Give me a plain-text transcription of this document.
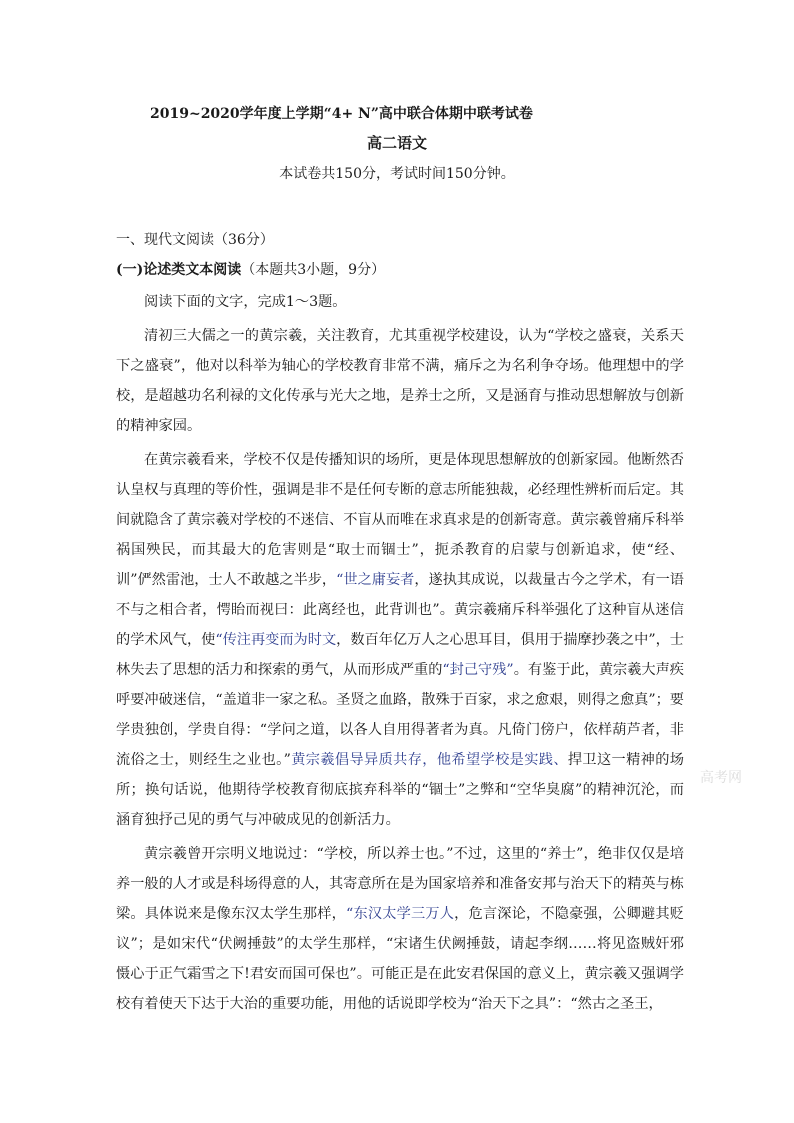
2019~2020学年度上学期“4+ N”高中联合体期中联考试卷
高二语文
本试卷共150分，考试时间150分钟。
一、现代文阅读（36分）
(一)论述类文本阅读（本题共3小题，9分）

阅读下面的文字，完成1～3题。

清初三大儒之一的黄宗羲，关注教育，尤其重视学校建设，认为“学校之盛衰，关系天下之盛衰”，他对以科举为轴心的学校教育非常不满，痛斥之为名利争夺场。他理想中的学校，是超越功名利禄的文化传承与光大之地，是养士之所，又是涵育与推动思想解放与创新的精神家园。

在黄宗羲看来，学校不仅是传播知识的场所，更是体现思想解放的创新家园。他断然否认皇权与真理的等价性，强调是非不是任何专断的意志所能独裁，必经理性辨析而后定。其间就隐含了黄宗羲对学校的不迷信、不盲从而唯在求真求是的创新寄意。黄宗羲曾痛斥科举祸国殃民，而其最大的危害则是“取士而锢士”，扼杀教育的启蒙与创新追求，使“经、训”俨然雷池，士人不敢越之半步，“世之庸妄者，遂执其成说，以裁量古今之学术，有一语不与之相合者，愕眙而视曰：此离经也，此背训也”。黄宗羲痛斥科举强化了这种盲从迷信的学术风气，使“传注再变而为时文，数百年亿万人之心思耳目，俱用于揣摩抄袭之中”，士林失去了思想的活力和探索的勇气，从而形成严重的“封己守残”。有鉴于此，黄宗羲大声疾呼要冲破迷信，“盖道非一家之私。圣贤之血路，散殊于百家，求之愈艰，则得之愈真”；要学贵独创，学贵自得：“学问之道，以各人自用得著者为真。凡倚门傍户，依样葫芦者，非流俗之士，则经生之业也。”黄宗羲倡导异质共存，他希望学校是实践、捍卫这一精神的场所；换句话说，他期待学校教育彻底摈弃科举的“锢士”之弊和“空华臭腐”的精神沉沦，而涵育独抒己见的勇气与冲破成见的创新活力。

黄宗羲曾开宗明义地说过：“学校，所以养士也。”不过，这里的“养士”，绝非仅仅是培养一般的人才或是科场得意的人，其寄意所在是为国家培养和准备安邦与治天下的精英与栋梁。具体说来是像东汉太学生那样，“东汉太学三万人，危言深论，不隐豪强，公卿避其贬议”；是如宋代“伏阙捶鼓”的太学生那样，“宋诸生伏阙捶鼓，请起李纲……将见盗贼奸邪慑心于正气霜雪之下!君安而国可保也”。可能正是在此安君保国的意义上，黄宗羲又强调学校有着使天下达于大治的重要功能，用他的话说即学校为“治天下之具”：“然古之圣王，

高考网
